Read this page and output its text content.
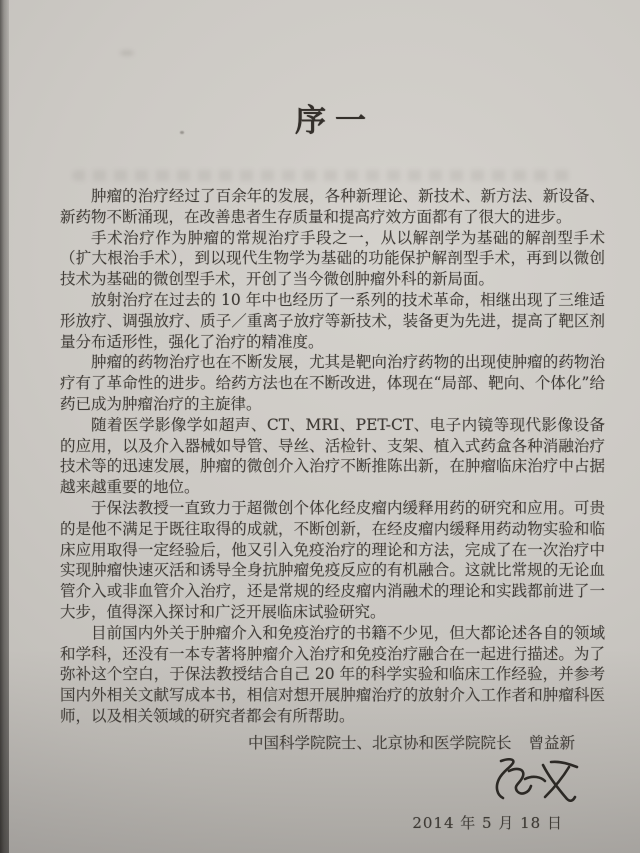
序一

肿瘤的治疗经过了百余年的发展，各种新理论、新技术、新方法、新设备、新药物不断涌现，在改善患者生存质量和提高疗效方面都有了很大的进步。

手术治疗作为肿瘤的常规治疗手段之一，从以解剖学为基础的解剖型手术（扩大根治手术），到以现代生物学为基础的功能保护解剖型手术，再到以微创技术为基础的微创型手术，开创了当今微创肿瘤外科的新局面。

放射治疗在过去的 10 年中也经历了一系列的技术革命，相继出现了三维适形放疗、调强放疗、质子／重离子放疗等新技术，装备更为先进，提高了靶区剂量分布适形性，强化了治疗的精准度。

肿瘤的药物治疗也在不断发展，尤其是靶向治疗药物的出现使肿瘤的药物治疗有了革命性的进步。给药方法也在不断改进，体现在“局部、靶向、个体化”给药已成为肿瘤治疗的主旋律。

随着医学影像学如超声、CT、MRI、PET-CT、电子内镜等现代影像设备的应用，以及介入器械如导管、导丝、活检针、支架、植入式药盒各种消融治疗技术等的迅速发展，肿瘤的微创介入治疗不断推陈出新，在肿瘤临床治疗中占据越来越重要的地位。

于保法教授一直致力于超微创个体化经皮瘤内缓释用药的研究和应用。可贵的是他不满足于既往取得的成就，不断创新，在经皮瘤内缓释用药动物实验和临床应用取得一定经验后，他又引入免疫治疗的理论和方法，完成了在一次治疗中实现肿瘤快速灭活和诱导全身抗肿瘤免疫反应的有机融合。这就比常规的无论血管介入或非血管介入治疗，还是常规的经皮瘤内消融术的理论和实践都前进了一大步，值得深入探讨和广泛开展临床试验研究。

目前国内外关于肿瘤介入和免疫治疗的书籍不少见，但大都论述各自的领域和学科，还没有一本专著将肿瘤介入治疗和免疫治疗融合在一起进行描述。为了弥补这个空白，于保法教授结合自己 20 年的科学实验和临床工作经验，并参考国内外相关文献写成本书，相信对想开展肿瘤治疗的放射介入工作者和肿瘤科医师，以及相关领域的研究者都会有所帮助。

中国科学院院士、北京协和医学院院长 曾益新
2014 年 5 月 18 日
